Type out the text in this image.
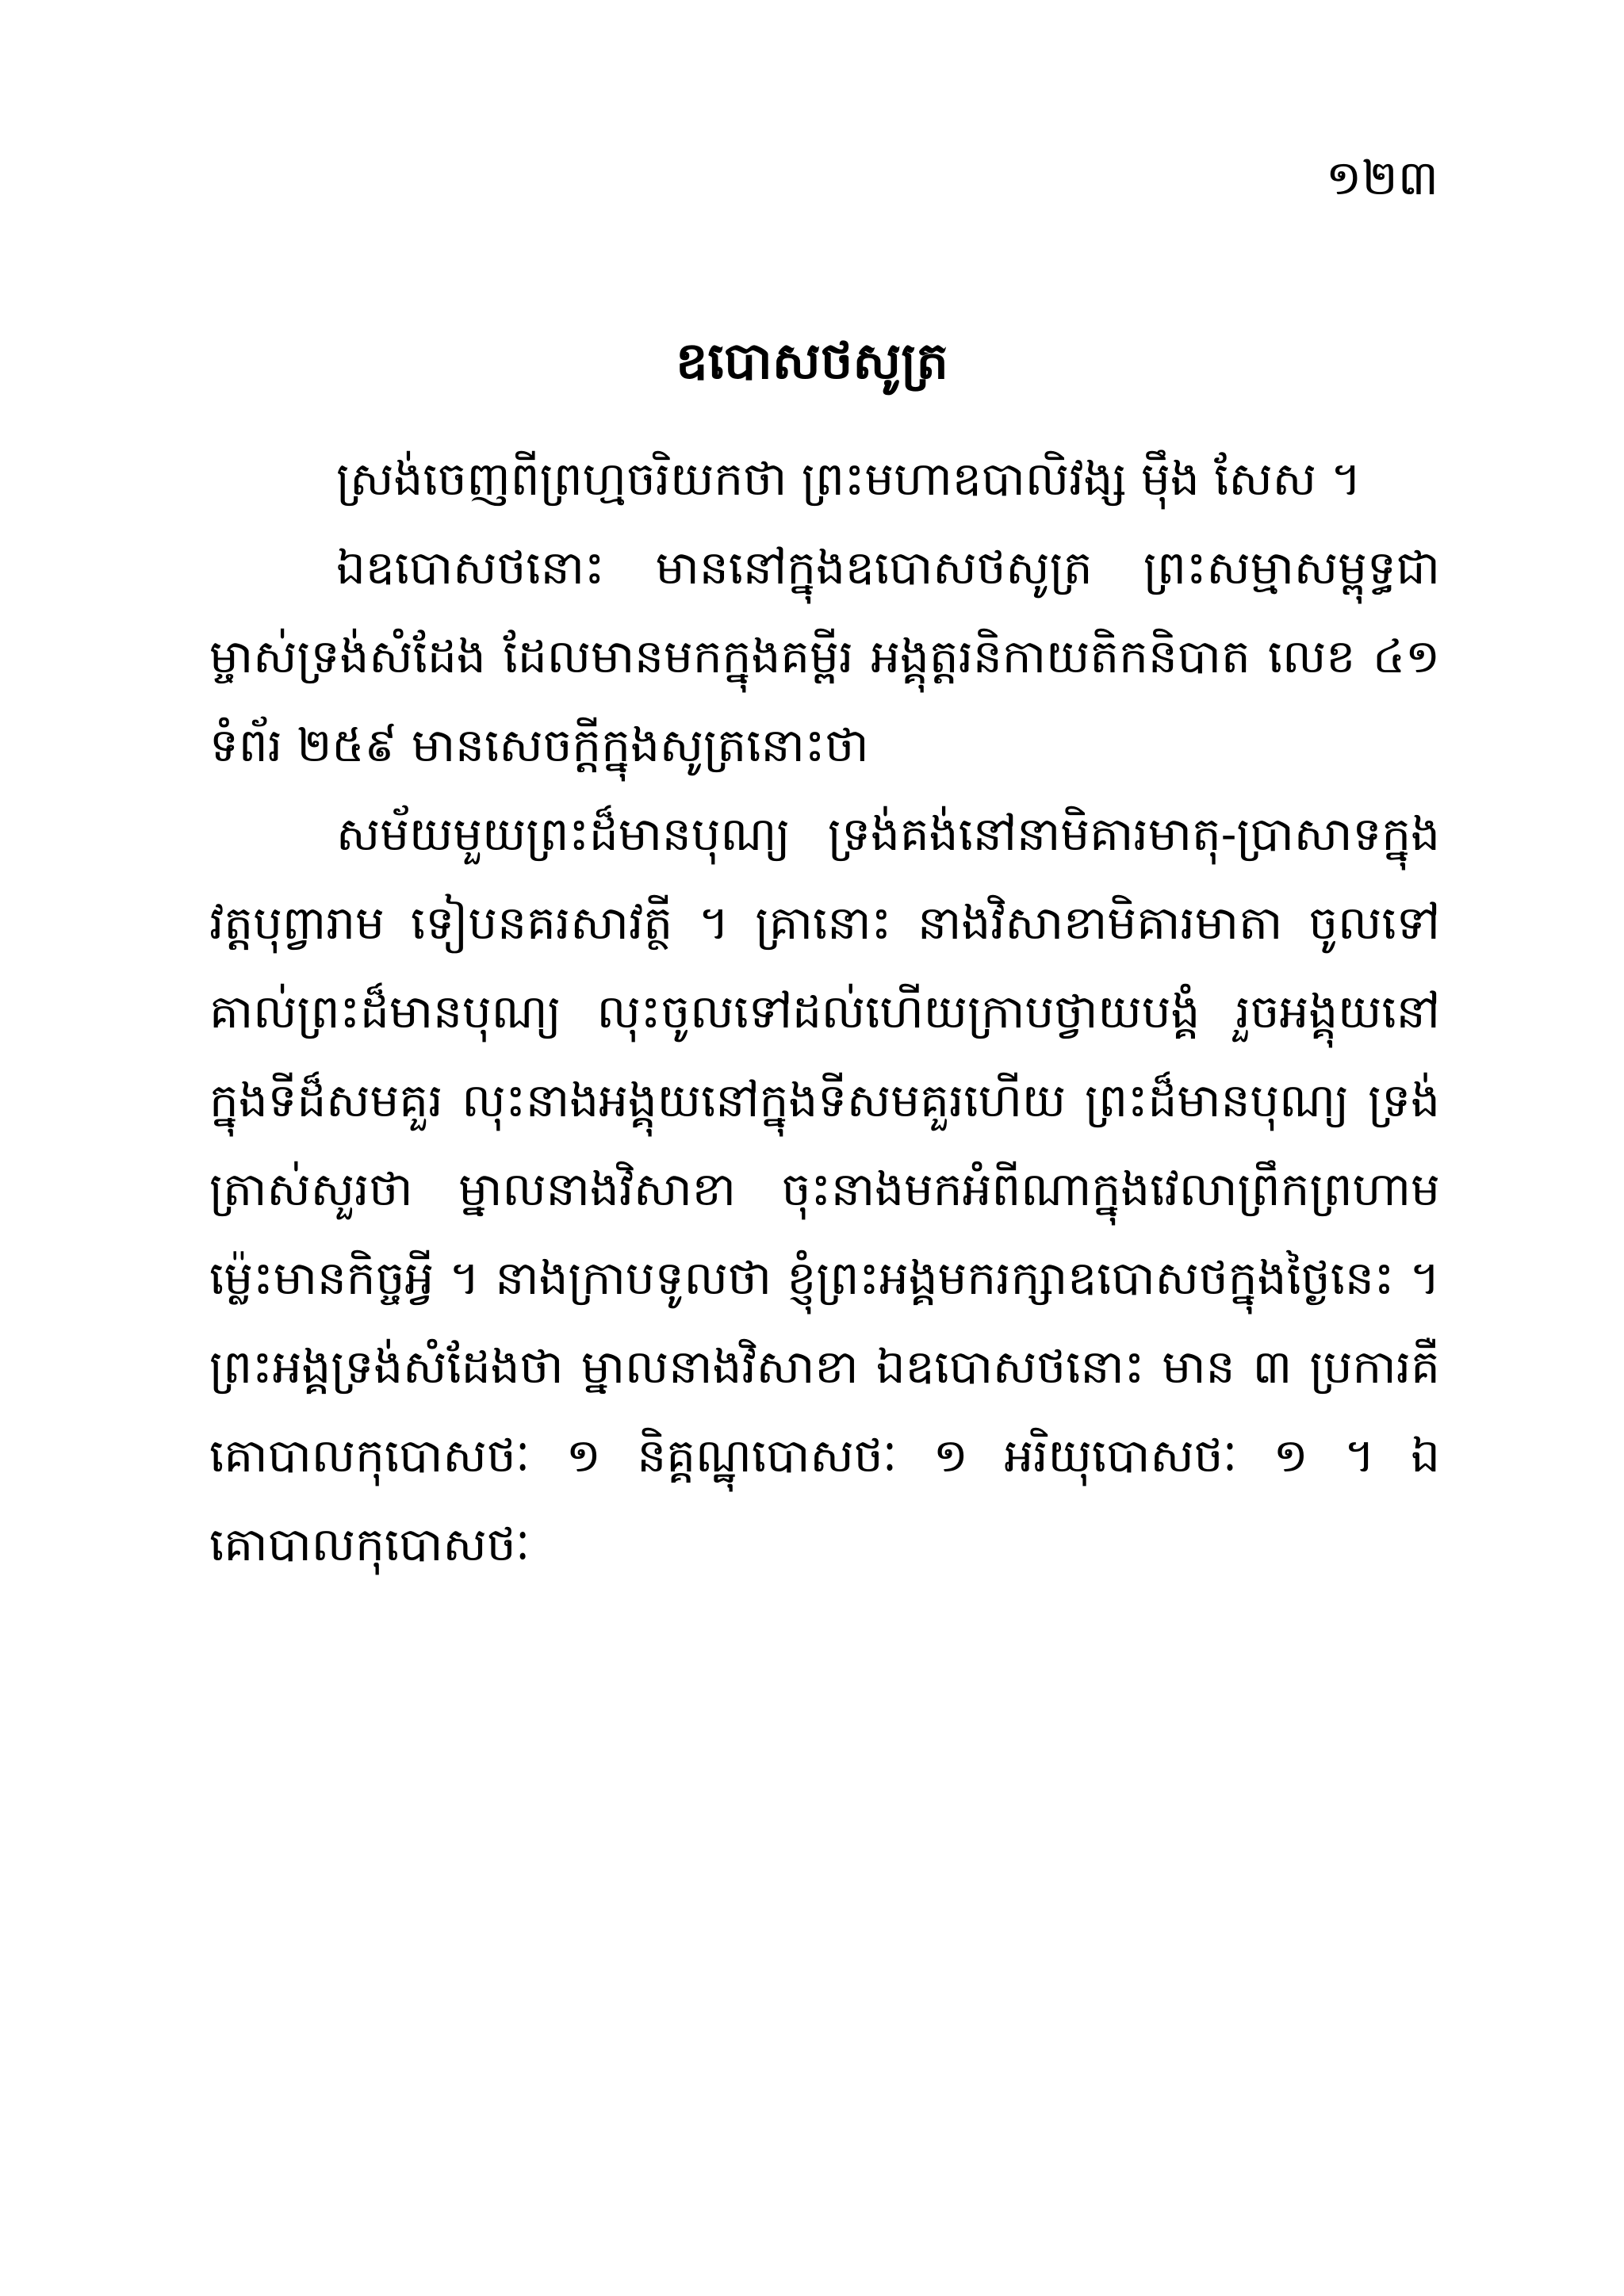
១២៣
ឧបោសថសូត្រ

ស្រង់ចេញពីព្រហ្មចរិយកថា ព្រះមហាឧបាលិវង្ស ម៉ឹង សែស ។

ឯឧបោសថនោះ មាននៅក្នុងឧបោសថសូត្រ ព្រះសម្មាសម្ពុទ្ធជាម្ចាស់ទ្រង់សំដែង ដែលមានមកក្នុងគម្ពីរ អង្គុត្តរនិកាយតិកនិបាត លេខ ៤១ ទំព័រ ២៥៩ មានសេចក្តីក្នុងសូត្រនោះថា

សម័យមួយព្រះដ៏មានបុណ្យ ទ្រង់គង់នៅនាមិគារមាតុ-ប្រាសាទក្នុងវត្តបុព្វារាម ទៀបនគរសាវត្ថី ។ គ្រានោះ នាងវិសាខាមិគារមាតា ចូលទៅគាល់ព្រះដ៏មានបុណ្យ លុះចូលទៅដល់ហើយក្រាបថ្វាយបង្គំ រួចអង្គុយនៅក្នុងទីដ៏សមគួរ លុះនាងអង្គុយនៅក្នុងទីសមគួរហើយ ព្រះដ៏មានបុណ្យ ទ្រង់ត្រាស់សួរថា ម្នាលនាងវិសាខា ចុះនាងមកអំពីណាក្នុងវេលាព្រឹកព្រហាមម្ល៉េះមានកិច្ចអ្វី ។ នាងក្រាបទូលថា ខ្ញុំព្រះអង្គមករក្សាឧបោសថក្នុងថ្ងៃនេះ ។ ព្រះអង្គទ្រង់សំដែងថា ម្នាលនាងវិសាខា ឯឧបោសថនោះ មាន ៣ ប្រការគឺ គោបាលកុបោសថៈ ១ និគ្គណ្ឋុបោសថៈ ១ អរិយុបោសថៈ ១ ។ ឯគោបាលកុបោសថៈ
